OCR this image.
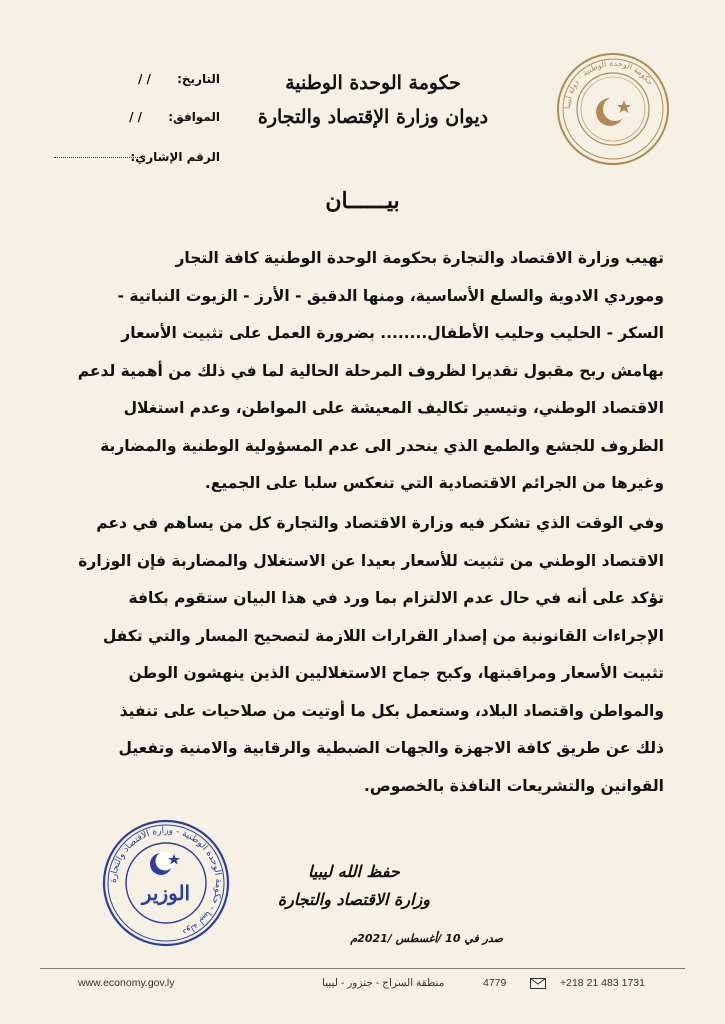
حكومة الوحدة الوطنية - دولة ليبيا
حكومة الوحدة الوطنية
ديوان وزارة الإقتصاد والتجارة
التاريخ: / /
الموافق: / /
الرقم الإشاري:
بيــــــان
تهيب وزارة الاقتصاد والتجارة بحكومة الوحدة الوطنية كافة التجار
وموردي الادوية والسلع الأساسية، ومنها الدقيق - الأرز - الزيوت النباتية -
السكر - الحليب وحليب الأطفال........ بضرورة العمل على تثبيت الأسعار
بهامش ربح مقبول تقديرا لظروف المرحلة الحالية لما في ذلك من أهمية لدعم
الاقتصاد الوطني، وتيسير تكاليف المعيشة على المواطن، وعدم استغلال
الظروف للجشع والطمع الذي ينحدر الى عدم المسؤولية الوطنية والمضاربة
وغيرها من الجرائم الاقتصادية التي تنعكس سلبا على الجميع.
وفي الوقت الذي تشكر فيه وزارة الاقتصاد والتجارة كل من يساهم في دعم
الاقتصاد الوطني من تثبيت للأسعار بعيدا عن الاستغلال والمضاربة فإن الوزارة
تؤكد على أنه في حال عدم الالتزام بما ورد في هذا البيان ستقوم بكافة
الإجراءات القانونية من إصدار القرارات اللازمة لتصحيح المسار والتي تكفل
تثبيت الأسعار ومراقبتها، وكبح جماح الاستغلاليين الذين ينهشون الوطن
والمواطن واقتصاد البلاد، وستعمل بكل ما أوتيت من صلاحيات على تنفيذ
ذلك عن طريق كافة الاجهزة والجهات الضبطية والرقابية والامنية وتفعيل
القوانين والتشريعات النافذة بالخصوص.
دولة ليبيا - حكومة الوحدة الوطنية - وزارة الاقتصاد والتجارة
الوزير
حفظ الله ليبيا
وزارة الاقتصاد والتجارة
صدر في 10 /أغسطس /2021م
www.economy.gov.ly	+218 21 483 1731
4779
منطقة السراج - جنزور - ليبيا
